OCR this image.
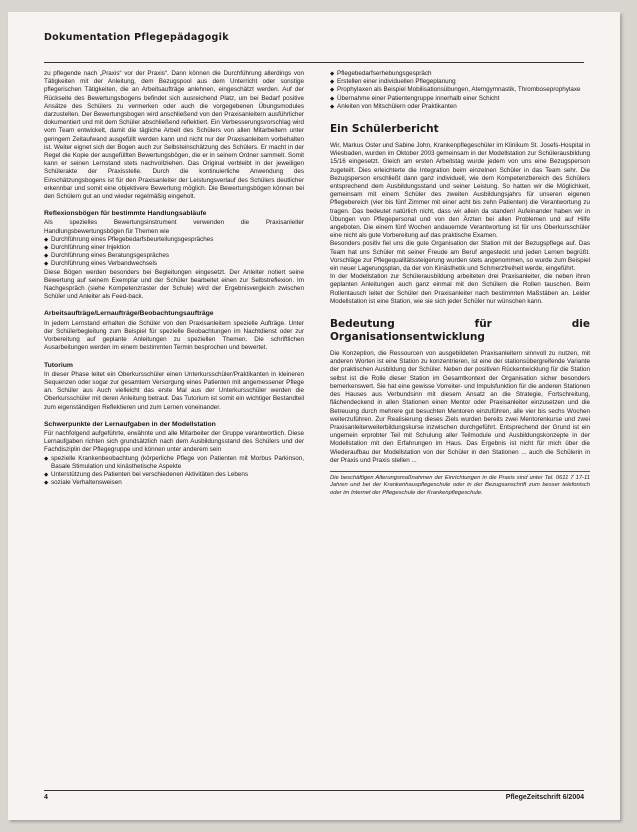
Dokumentation Pflegepädagogik

zu pflegende nach „Praxis“ vor der Praxis“. Dann können die Durchführung allerdings von Tätigkeiten mit der Anleitung, dem Bezugspool aus dem Unterricht oder sonstige pflegerischen Tätigkeiten, die an Arbeitsaufträge anlehnen, eingeschätzt werden. Auf der Rückseite des Bewertungsbogens befindet sich ausreichend Platz, um bei Bedarf positive Ansätze des Schülers zu vermerken oder auch die vorgegebenen Übungsmodules darzustellen. Der Bewertungsbogen wird anschließend von den Praxisanleitern ausführlicher dokumentiert und mit dem Schüler abschließend reflektiert. Ein Verbesserungsvorschlag wird vom Team entwickelt, damit die tägliche Arbeit des Schülers von allen Mitarbeitern unter geringem Zeitaufwand ausgefüllt werden kann und nicht nur der Praxisanleitern vorbehalten ist. Weiter eignet sich der Bogen auch zur Selbsteinschätzung des Schülers. Er macht in der Regel die Kopie der ausgefüllten Bewertungsbögen, die er in seinem Ordner sammelt. Somit kann er seinen Lernstand stets nachvollziehen. Das Original verbleibt in der jeweiligen Schülerakte der Praxisstelle. Durch die kontinuierliche Anwendung des Einschätzungsbogens ist für den Praxisanleiter der Leistungsverlauf des Schülers deutlicher erkennbar und somit eine objektivere Bewertung möglich. Die Bewertungsbögen können bei den Schülern gut an und wieder regelmäßig eingeholt.

Reflexionsbögen für bestimmte Handlungsabläufe

Als spezielles Bewertungsinstrument verwenden die Praxisanleiter Handlungsbewertungsbögen für Themen wie

◆ Durchführung eines Pflegebedarfsbeurteilungsgespräches
◆ Durchführung einer Injektion
◆ Durchführung eines Beratungsgespräches
◆ Durchführung eines Verbandwechsels

Diese Bögen werden besonders bei Begleitungen eingesetzt. Der Anleiter notiert seine Bewertung auf seinem Exemplar und der Schüler bearbeitet einen zur Selbstreflexion. Im Nachgespräch (siehe Kompetenzraster der Schule) wird der Ergebnisvergleich zwischen Schüler und Anleiter als Feed-back.

Arbeitsaufträge/Lernaufträge/Beobachtungsaufträge

In jedem Lernstand erhalten die Schüler von den Praxisanleitern spezielle Aufträge. Unter der Schülerbegleitung zum Beispiel für spezielle Beobachtungen im Nachtdienst oder zur Vorbereitung auf geplante Anleitungen zu speziellen Themen. Die schriftlichen Ausarbeitungen werden im einem bestimmten Termin besprochen und bewertet.

Tutorium

In dieser Phase leitet ein Oberkursschüler einen Unterkursschüler/Praktikanten in kleineren Sequenzen oder sogar zur gesamtem Versorgung eines Patienten mit angemessener Pflege an. Schüler aus Auch vielleicht das erste Mal aus der Unterkursschüler werden die Oberkursschüler mit deren Anleitung betraut. Das Tutorium ist somit ein wichtiger Bestandteil zum eigenständigen Reflektieren und zum Lernen voneinander.

Schwerpunkte der Lernaufgaben in der Modellstation

Für nachfolgend aufgeführte, erwähnte und alle Mitarbeiter der Gruppe verantwortlich. Diese Lernaufgaben richten sich grundsätzlich nach dem Ausbildungsstand des Schülers und der Fachdisziplin der Pflegegruppe und können unter anderem sein

◆ spezielle Krankenbeobachtung (körperliche Pflege von Patienten mit Morbus Parkinson, Basale Stimulation und kinästhetische Aspekte
◆ Unterstützung des Patienten bei verschiedenen Aktivitäten des Lebens
◆ soziale Verhaltensweisen
◆ Pflegebedarfserhebungsgespräch
◆ Erstellen einer individuellen Pflegeplanung
◆ Prophylaxen als Beispiel Mobilisationsübungen, Atemgymnastik, Thromboseprophylaxe
◆ Übernahme einer Patientengruppe innerhalb einer Schicht
◆ Anleiten von Mitschülern oder Praktikanten
Ein Schülerbericht

Wir, Markus Oster und Sabine John, Krankenpflegeschüler im Klinikum St. Josefs-Hospital in Wiesbaden, wurden im Oktober 2003 gemeinsam in der Modellstation zur Schülerausbildung 15/16 eingesetzt. Gleich am ersten Arbeitstag wurde jedem von uns eine Bezugsperson zugeteilt. Dies erleichterte die Integration beim einzelnen Schüler in das Team sehr. Die Bezugsperson erschließt dann ganz individuell, wie dem Kompetenzbereich des Schülers entsprechend dem Ausbildungsstand und seiner Leistung. So hatten wir die Möglichkeit, gemeinsam mit einem Schüler des zweiten Ausbildungsjahrs für unseren eigenen Pflegebereich (vier bis fünf Zimmer mit einer acht bis zehn Patienten) die Verantwortung zu tragen. Das bedeutet natürlich nicht, dass wir allein da standen! Aufeinander haben wir in Übungen von Pflegepersonal und von den Ärzten bei allen Problemen und auf Hilfe angeboten. Die einem fünf Wochen andauernde Verantwortung ist für uns Oberkursschüler eine nicht als gute Vorbereitung auf das praktische Examen.

Besonders positiv fiel uns die gute Organisation der Station mit der Bezugspflege auf. Das Team hat uns Schüler mit seiner Freude am Beruf angesteckt und jeden Lernen begrüßt. Vorschläge zur Pflegequalitätssteigerung wurden stets angenommen, so wurde zum Beispiel ein neuer Lagerungsplan, da der von Kinästhetik und Schmerzfreiheit werde, eingeführt.

In der Modellstation zur Schülerausbildung arbeiteten drei Praxisanleiter, die neben ihren geplanten Anleitungen auch ganz einmal mit den Schülern die Rollen tauschen. Beim Rollentausch leitet der Schüler den Praxisanleiter nach bestimmten Maßstäben an. Leider Modellstation ist eine Station, wie sie sich jeder Schüler nur wünschen kann.

Bedeutung für die Organisationsentwicklung

Die Konzeption, die Ressourcen von ausgebildeten Praxisanleitern sinnvoll zu nutzen, mit anderen Worten ist eine Station zu konzentrieren, ist eine der stationsübergreifende Variante der praktischen Ausbildung der Schüler. Neben der positiven Rückentwicklung für die Station selbst ist die Rolle dieser Station im Gesamtkontext der Organisation sicher besonders bemerkenswert. Sie hat eine gewisse Vorreiter- und Impulsfunktion für die anderen Stationen des Hauses aus Verbundsinn mit diesem Ansatz an die Strategie, Fortschreitung, flächendeckend in allen Stationen einen Mentor oder Praxisanleiter einzusetzen und die Betreuung durch mehrere gut besuchten Mentoren einzuführen, alle vier bis sechs Wochen weiterzuführen. Zur Realisierung dieses Ziels wurden bereits zwei Mentorenkurse und zwei Praxisanleiterweiterbildungskurse inzwischen durchgeführt. Entsprechend der Grund ist ein ungemein erprobter Teil mit Schulung aller Teilmodule und Ausbildungskonzepte in der Modellstation mit den Erfahrungen im Haus. Das Ergebnis ist nicht für mich über die Wiederaufbau der Modellstation von der Schüler in den Stationen ... auch die Schülerin in der Praxis und Praxis stellen ...

Die beschäftigen Alterungsmaßnahmen der Einrichtungen in die Praxis sind unter Tel. 0611 7 17-11 Jahren und bei der Krankenhauspflegeschule oder in der Bezugsanschrift zum besser telefonisch oder im Internet der Pflegeschule der Krankenpflegeschule.
4	PflegeZeitschrift 6/2004
